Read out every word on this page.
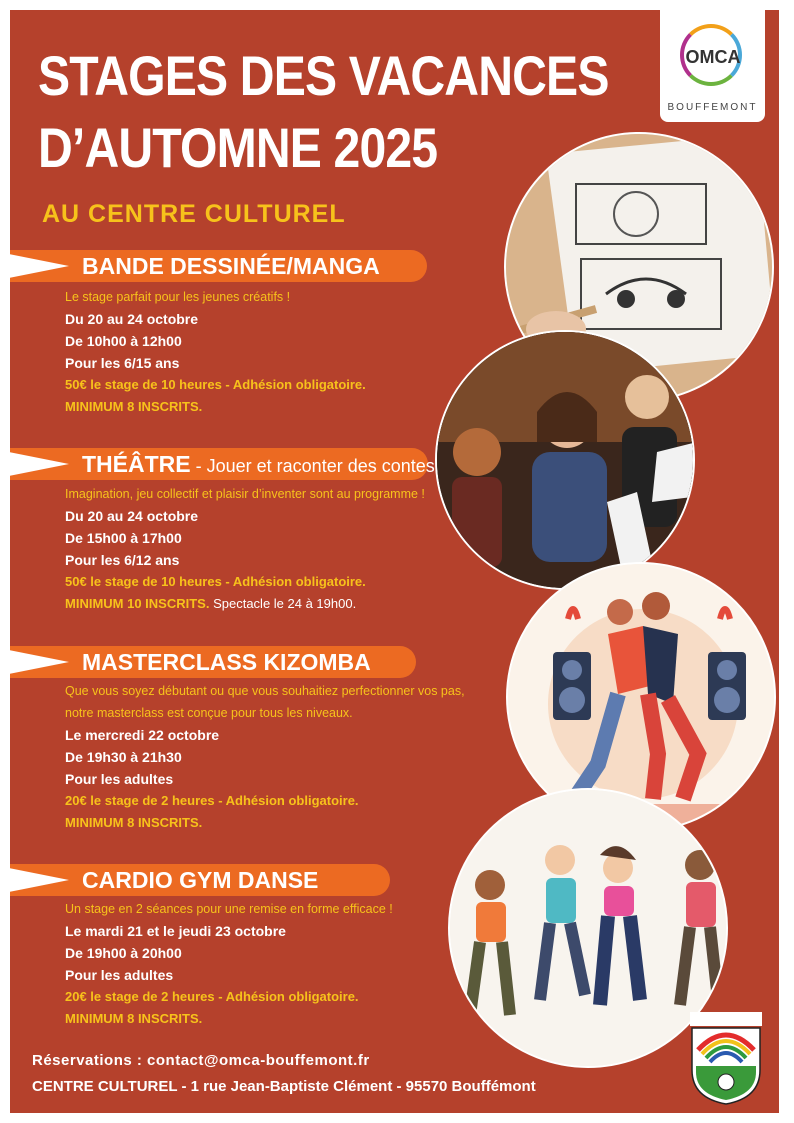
STAGES DES VACANCES
D’AUTOMNE 2025
AU CENTRE CULTUREL
OMCA
BOUFFEMONT
BANDE DESSINÉE/MANGA
Le stage parfait pour les jeunes créatifs !
Du 20 au 24 octobre
De 10h00 à 12h00
Pour les 6/15 ans
50€ le stage de 10 heures - Adhésion obligatoire.
MINIMUM 8 INSCRITS.
THÉÂTRE - Jouer et raconter des contes
Imagination, jeu collectif et plaisir d’inventer sont au programme !
Du 20 au 24 octobre
De 15h00 à 17h00
Pour les 6/12 ans
50€ le stage de 10 heures - Adhésion obligatoire.
MINIMUM 10 INSCRITS. Spectacle le 24 à 19h00.
MASTERCLASS KIZOMBA
Que vous soyez débutant ou que vous souhaitiez perfectionner vos pas,
notre masterclass est conçue pour tous les niveaux.
Le mercredi 22 octobre
De 19h30 à 21h30
Pour les adultes
20€ le stage de 2 heures - Adhésion obligatoire.
MINIMUM 8 INSCRITS.
CARDIO GYM DANSE
Un stage en 2 séances pour une remise en forme efficace !
Le mardi 21 et le jeudi 23 octobre
De 19h00 à 20h00
Pour les adultes
20€ le stage de 2 heures - Adhésion obligatoire.
MINIMUM 8 INSCRITS.
Réservations : contact@omca-bouffemont.fr
CENTRE CULTUREL - 1 rue Jean-Baptiste Clément - 95570 Bouffémont
